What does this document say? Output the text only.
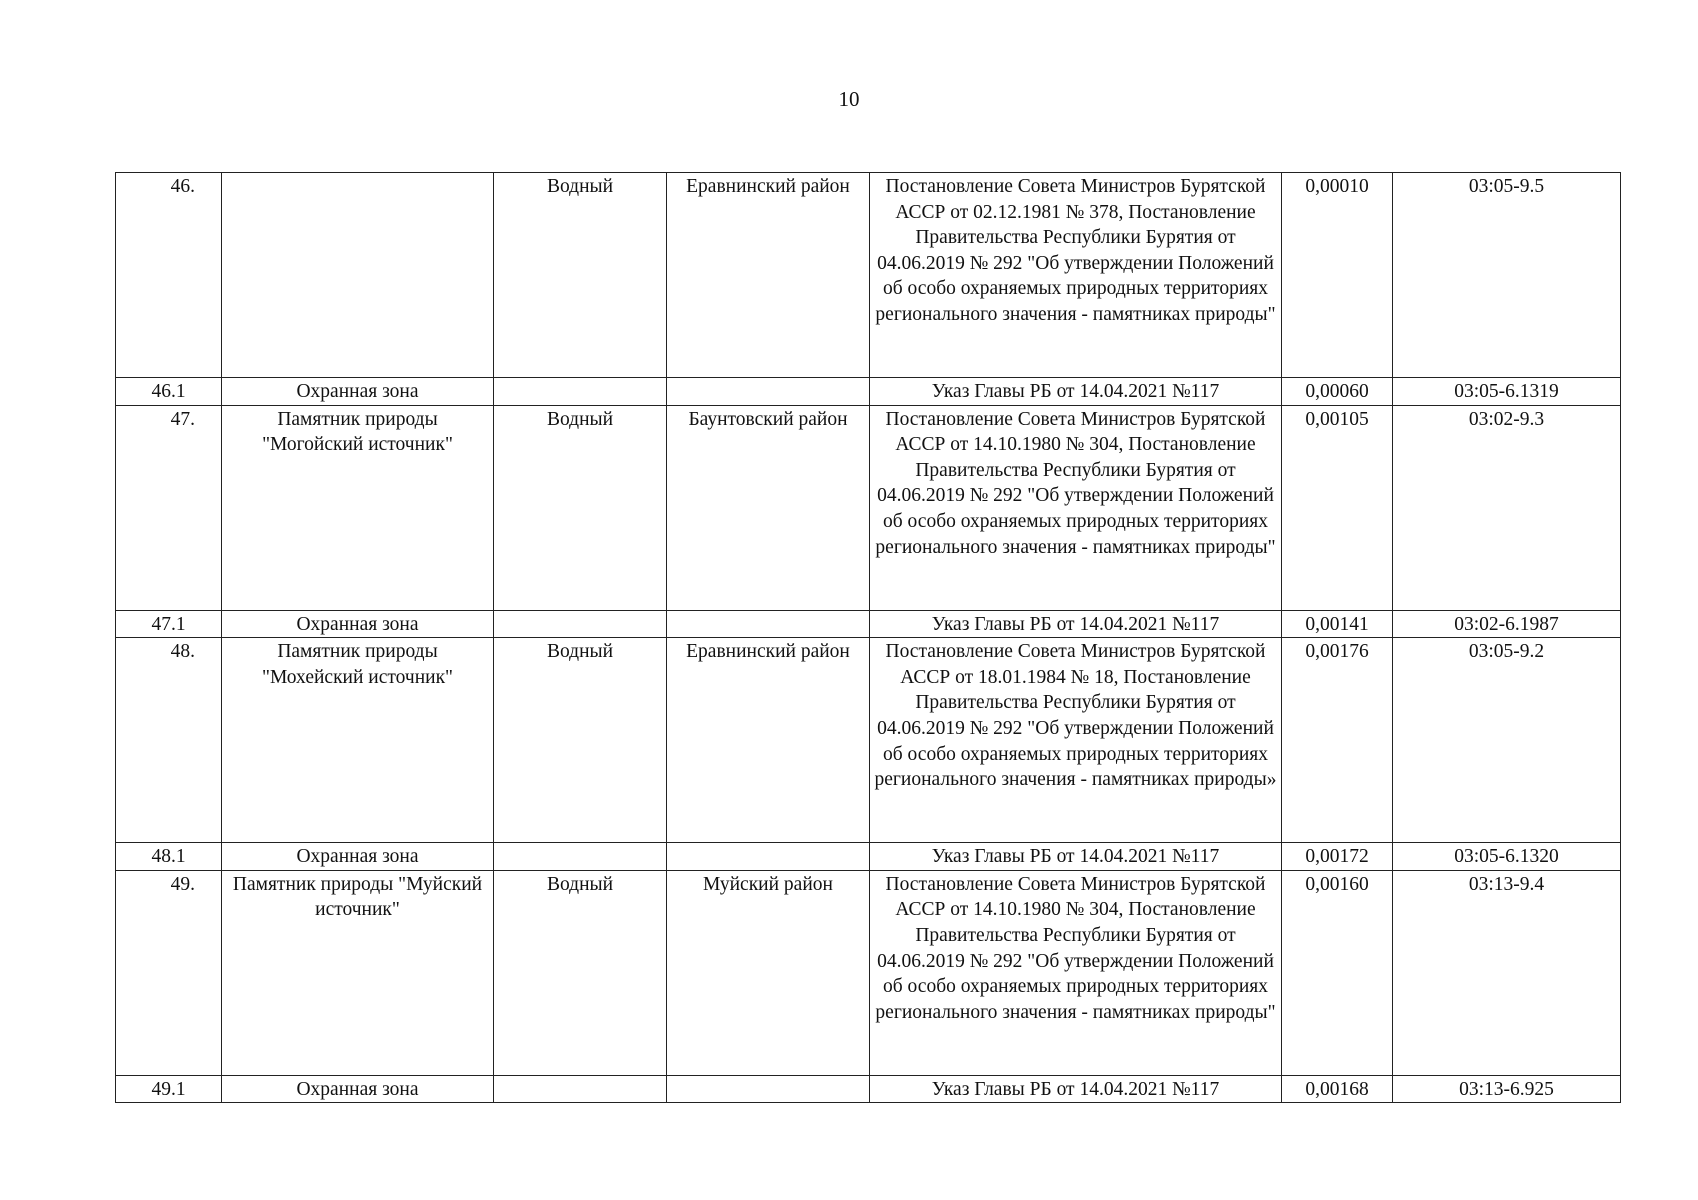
10
46.		Водный	Еравнинский район	Постановление Совета Министров Бурятской АССР от 02.12.1981 № 378, Постановление Правительства Республики Бурятия от 04.06.2019 № 292 "Об утверждении Положений об особо охраняемых природных территориях регионального значения - памятниках природы"	0,00010	03:05-9.5
46.1	Охранная зона			Указ Главы РБ от 14.04.2021 №117	0,00060	03:05-6.1319
47.	Памятник природы "Могойский источник"	Водный	Баунтовский район	Постановление Совета Министров Бурятской АССР от 14.10.1980 № 304, Постановление Правительства Республики Бурятия от 04.06.2019 № 292 "Об утверждении Положений об особо охраняемых природных территориях регионального значения - памятниках природы"	0,00105	03:02-9.3
47.1	Охранная зона			Указ Главы РБ от 14.04.2021 №117	0,00141	03:02-6.1987
48.	Памятник природы "Мохейский источник"	Водный	Еравнинский район	Постановление Совета Министров Бурятской АССР от 18.01.1984 № 18, Постановление Правительства Республики Бурятия от 04.06.2019 № 292 "Об утверждении Положений об особо охраняемых природных территориях регионального значения - памятниках природы»	0,00176	03:05-9.2
48.1	Охранная зона			Указ Главы РБ от 14.04.2021 №117	0,00172	03:05-6.1320
49.	Памятник природы "Муйский источник"	Водный	Муйский район	Постановление Совета Министров Бурятской АССР от 14.10.1980 № 304, Постановление Правительства Республики Бурятия от 04.06.2019 № 292 "Об утверждении Положений об особо охраняемых природных территориях регионального значения - памятниках природы"	0,00160	03:13-9.4
49.1	Охранная зона			Указ Главы РБ от 14.04.2021 №117	0,00168	03:13-6.925
